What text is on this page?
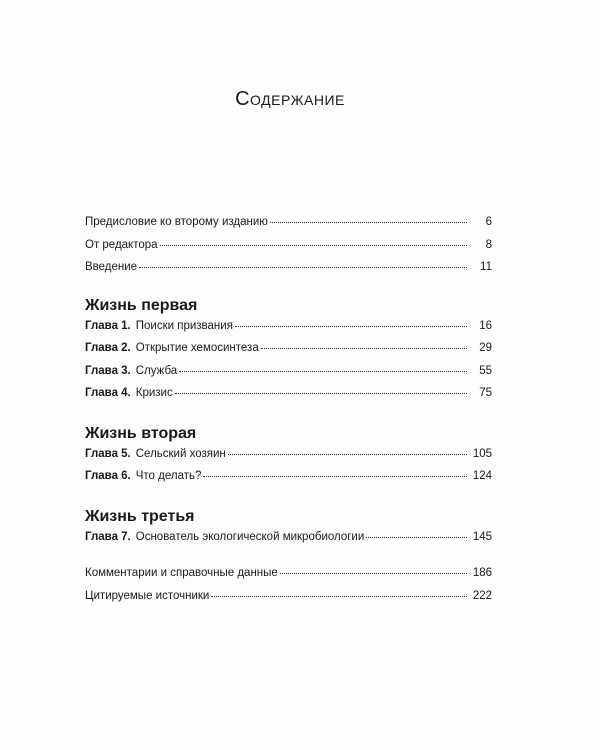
Содержание
Предисловие ко второму изданию	6
От редактора	8
Введение	11
Жизнь первая
Глава 1. Поиски призвания	16
Глава 2. Открытие хемосинтеза	29
Глава 3. Служба	55
Глава 4. Кризис	75
Жизнь вторая
Глава 5. Сельский хозяин	105
Глава 6. Что делать?	124
Жизнь третья
Глава 7. Основатель экологической микробиологии	145
Комментарии и справочные данные	186
Цитируемые источники	222
